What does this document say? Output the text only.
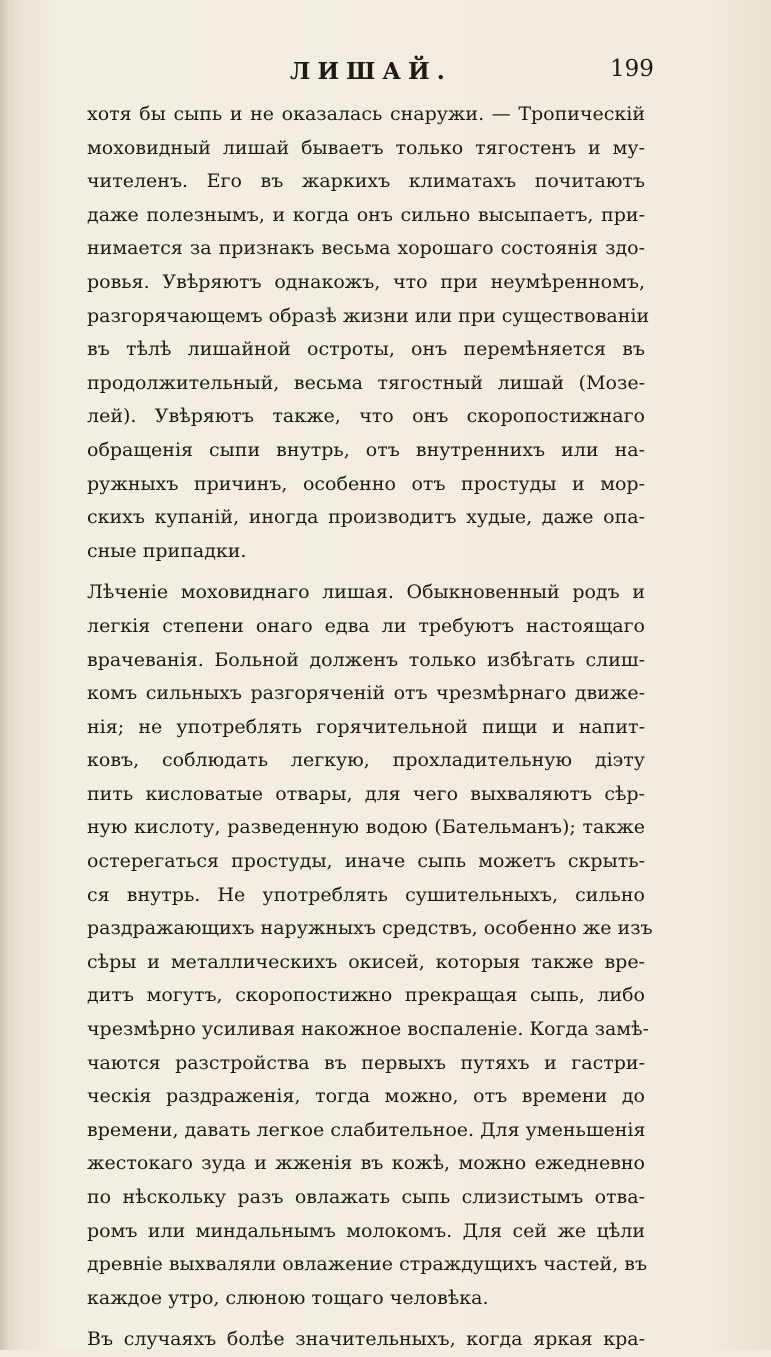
ЛИШАЙ.	199
хотя бы сыпь и не оказалась снаружи. — Тропическій
моховидный лишай бываетъ только тягостенъ и му-
чителенъ. Его въ жаркихъ климатахъ почитаютъ
даже полезнымъ, и когда онъ сильно высыпаетъ, при-
нимается за признакъ весьма хорошаго состоянія здо-
ровья. Увѣряютъ однакожъ, что при неумѣренномъ,
разгорячающемъ образѣ жизни или при существованіи
въ тѣлѣ лишайной остроты, онъ перемѣняется въ
продолжительный, весьма тягостный лишай (Мозе-
лей). Увѣряютъ также, что онъ скоропостижнаго
обращенія сыпи внутрь, отъ внутреннихъ или на-
ружныхъ причинъ, особенно отъ простуды и мор-
скихъ купаній, иногда производитъ худые, даже опа-
сные припадки.
Лѣченіе моховиднаго лишая. Обыкновенный родъ и
легкія степени онаго едва ли требуютъ настоящаго
врачеванія. Больной долженъ только избѣгать слиш-
комъ сильныхъ разгорячeній отъ чрезмѣрнаго движе-
нія; не употреблять горячительной пищи и напит-
ковъ, соблюдать легкую, прохладительную діэту
пить кисловатые отвары, для чего выхваляютъ сѣр-
ную кислоту, разведенную водою (Бательманъ); также
остерегаться простуды, иначе сыпь можетъ скрыть-
ся внутрь. Не употреблять сушительныхъ, сильно
раздражающихъ наружныхъ средствъ, особенно же изъ
сѣры и металлическихъ окисей, которыя также вре-
дитъ могутъ, скоропостижно прекращая сыпь, либо
чрезмѣрно усиливая накожное воспаленіе. Когда замѣ-
чаются разстройства въ первыхъ путяхъ и гастри-
ческія раздраженія, тогда можно, отъ времени до
времени, давать легкое слабительное. Для уменьшенія
жестокаго зуда и жженія въ кожѣ, можно ежедневно
по нѣскольку разъ овлажать сыпь слизистымъ отва-
ромъ или миндальнымъ молокомъ. Для сей же цѣли
древніе выхваляли овлажение страждущихъ частей, въ
каждое утро, слюною тощаго человѣка.
Въ случаяхъ болѣе значительныхъ, когда яркая кра-
